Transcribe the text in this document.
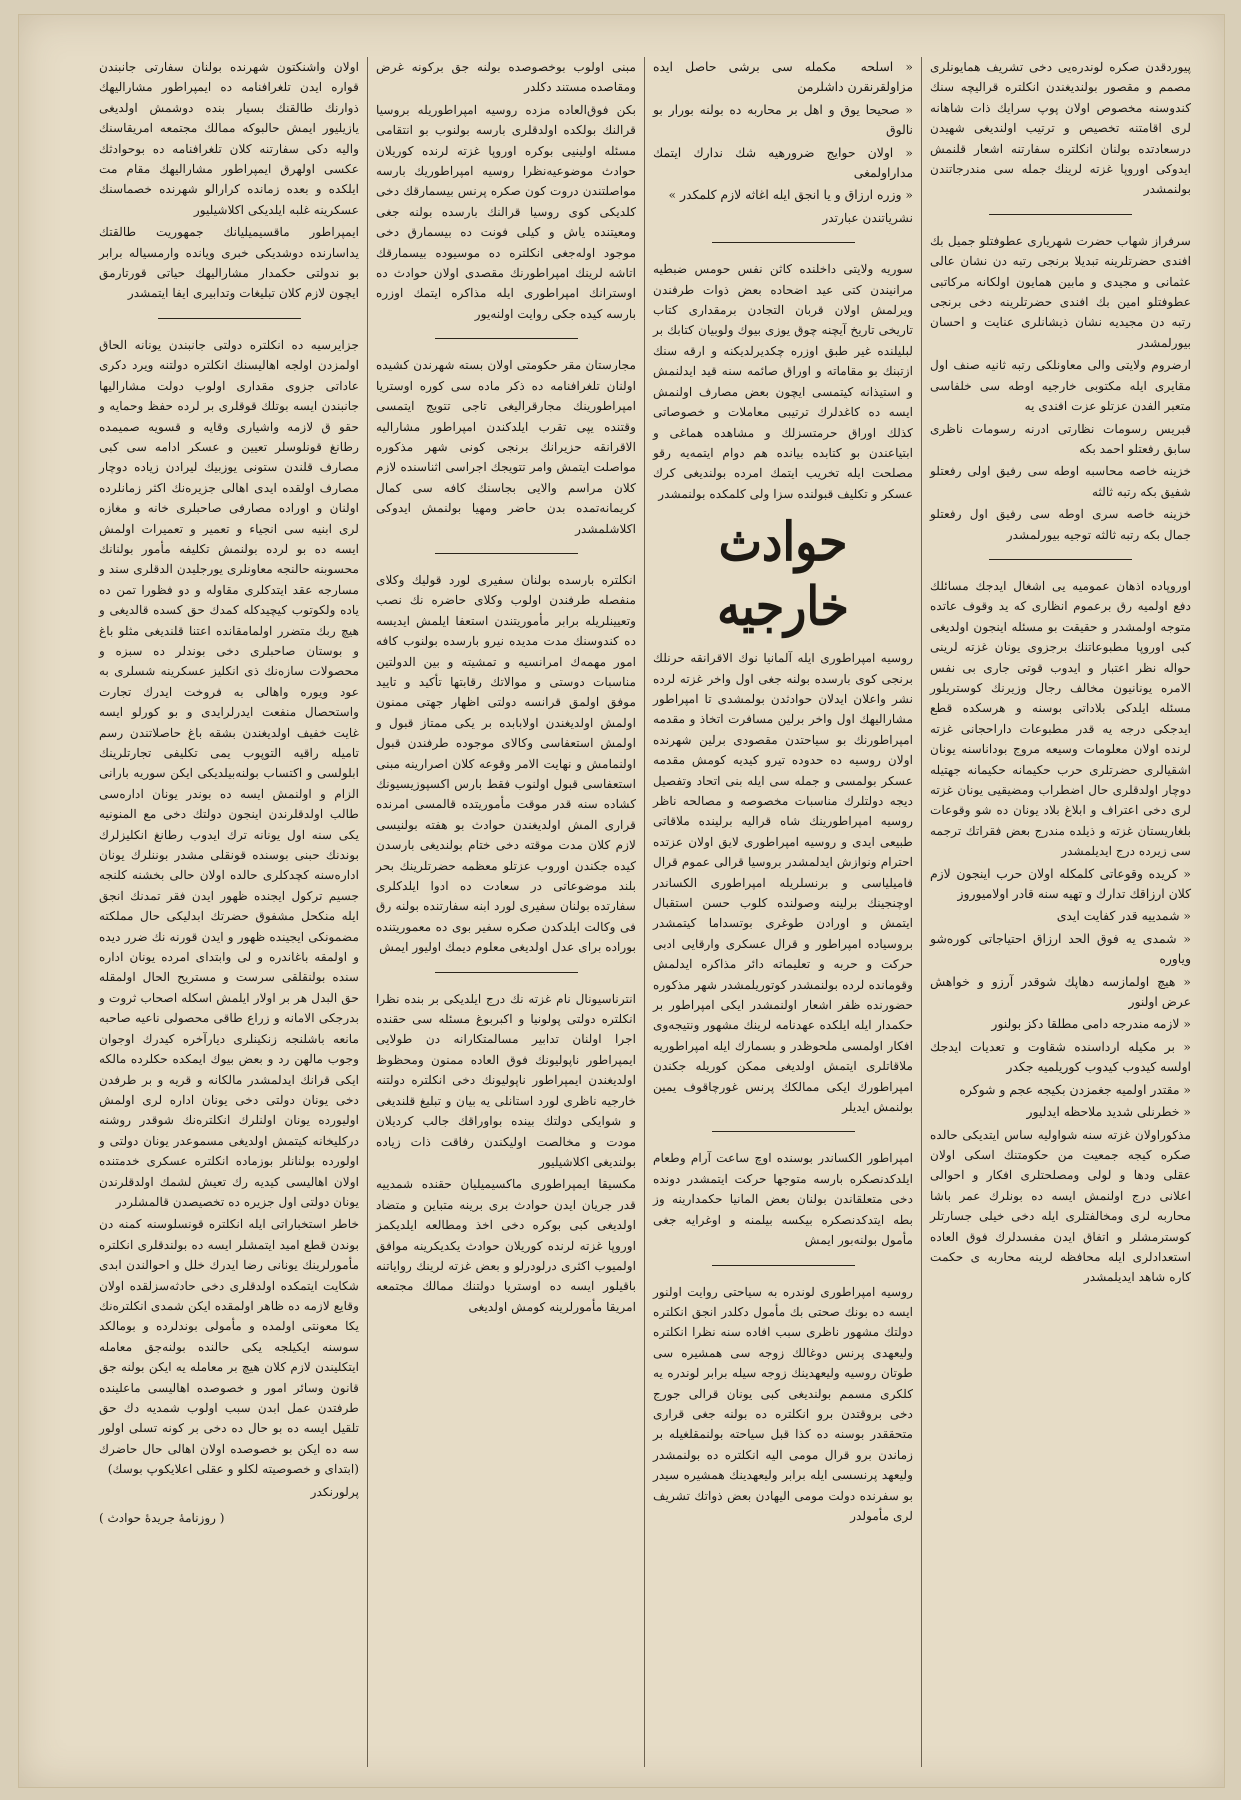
پیوردقدن صکره لوندره‌یی دخی تشریف همایونلری مصمم و مقصور بولندیغندن انکلتره قرالیچه سنك کندوسنه مخصوص اولان پوپ سرایك ذات شاهانه لری اقامتنه تخصیص و ترتیب اولندیغی شهیدن درسعادتده بولنان انکلتره سفارتنه اشعار قلنمش ایدوکی اوروپا غزته لرینك جمله سی مندرجاتندن بولنمشدر

سرفراز شهاب حضرت شهریاری عطوفتلو جمیل بك افندی حضرتلرینه تبدیلا برنجی رتبه دن نشان عالی عثمانی و مجیدی و مابین همایون اولکانه مرکاتبی عطوفتلو امین بك افندی حضرتلرینه دخی برنجی رتبه دن مجیدیه نشان ذیشانلری عنایت و احسان بیورلمشدر

ارضروم ولایتی والی معاونلکی رتبه ثانیه صنف اول مقایری ایله مکتوبی خارجیه اوطه سی خلفاسی متعبر الفدن عزتلو عزت افندی یه

قبریس رسومات نظارتی ادرنه رسومات ناظری سابق رفعتلو احمد بکه

خزینه خاصه محاسبه اوطه سی رفیق اولی رفعتلو شفیق بکه رتبه ثالثه

خزینه خاصه سری اوطه سی رفیق اول رفعتلو جمال بکه رتبه ثالثه توجیه بیورلمشدر

اوروپاده اذهان عمومیه یی اشغال ایدجك مسائلك دفع اولمیه رق برعموم انظاری که ید وقوف عاتده متوجه اولمشدر و حقیقت بو مسئله اینجون اولدیغی کبی اوروپا مطبوعاتنك برجزوی یونان غزته لرینی حواله نظر اعتبار و ایدوب قوتی جاری بی نفس الامره یونانیون مخالف رجال وزیرنك کوستریلور مسئله ایلدکی بلاداتی بوسنه و هرسکده قطع ایدجکی درجه یه قدر مطبوعات داراحجانی غزته لرنده اولان معلومات وسیعه مروج بوداناسنه یونان اشقیالری حضرتلری حرب حکیمانه حکیمانه جهتیله دوچار اولدقلری حال اضطراب ومضیقیی یونان غزته لری دخی اعتراف و ابلاغ بلاد یونان ده شو وقوعات بلغاریستان غزته و ذیلده مندرج بعض فقراتك ترجمه سی زیرده درج ایدیلمشدر

« کریده وقوعاتی کلمکله اولان حرب اینجون لازم کلان ارزاقك تدارك و تهیه سنه قادر اولامیوروز

« شمدییه قدر کفایت ایدی

« شمدی یه فوق الحد ارزاق احتیاجاتی کوره‌شو ویاوره

« هیچ اولمازسه دهاپك شوقدر آرزو و خواهش عرض اولنور

« لازمه مندرجه دامی مطلقا دکز بولنور

« بر مکیله ارداسنده شقاوت و تعدیات ایدجك اولسه کیدوب کیدوب کوریلمیه جکدر

« مقتدر اولمیه جغمزدن بکیجه عجم و شوکره

« خطرنلی شدید ملاحظه ایدلیور

مذکوراولان غزته سنه شواولیه ساس ایتدیکی حالده صکره کیجه جمعیت من حکومتنك اسکی اولان عقلی ودها و لولی ومصلحتلری افکار و احوالی اعلانی درج اولنمش ایسه ده بونلرك عمر باشا محاربه لری ومخالفتلری ایله دخی خیلی جسارتلر کوسترمشلر و اتفاق ایدن مفسدلرك فوق العاده استعدادلری ایله محافظه لرینه محاربه ی حکمت کاره شاهد ایدیلمشدر

« اسلحه ‌ مکمله سی برشی حاصل ایده مزاولقرنقرن داشلرمن

« صحیحا یوق و اهل بر محاربه ده بولنه بورار بو نالوق

« اولان حوایج ضرورهیه شك ندارك ایتمك مداراولمغی

« وزره ارزاق و یا انجق ایله اغاثه لازم کلمکدر »

نشریاتندن عبارتدر

سوریه ولایتی داخلنده کاثن نفس حومس ضبطیه مرانیندن کتی عید اضحاده بعض ذوات طرفندن ویرلمش اولان قربان التجادن برمقداری کتاب تاریخی تاریخ آیچنه چوق یوزی بیوك ولوبیان کتابك بر لبلیلنده غیر طبق اوزره چکدیرلدیکنه و ارقه سنك ازتبنك بو مقاماته و اوراق صائمه سنه قید ایدلنمش و استیذانه کیتمسی ایچون بعض مصارف اولنمش ایسه ده کاغدلرك ترتیبی معاملات و خصوصاتی کذلك اوراق حرمتسزلك و مشاهده هماغی و ابتیاعندن بو کتابده بیانده هم دوام ایتمه‌یه رقو مصلحت ایله تخریب ایتمك امرده بولندیغی کرك عسکر و تکلیف قبولنده سزا ولی کلمکده بولنمشدر

حوادث خارجیه

روسیه امپراطوری ایله آلمانیا نوك الاقرانقه حرنلك برنجی کوی بارسده بولنه جغی اول واخر غزته لرده نشر واعلان ایدلان حوادثدن بولمشدی تا امپراطور مشارالیهك اول واخر برلین مسافرت اتخاذ و مقدمه امپراطورنك بو سیاحتدن مقصودی برلین شهرنده اولان روسیه ده حدوده تیرو کیدیه کومش مقدمه عسکر بولمسی و جمله سی ایله بنی اتحاد وتفصیل دیجه دولتلرك مناسبات مخصوصه و مصالحه ناظر روسیه امپراطورینك شاه قرالیه برلینده ملاقاتی طبیعی ایدی و روسیه امپراطوری لایق اولان عزتده احترام ونوازش ایدلمشدر بروسیا قرالی عموم قرال فامیلیاسی و برنسلریله امپراطوری الکساندر اوچنجینك برلینه وصولنده کلوب حسن استقبال ایتمش و اورادن طوغری بوتسداما کیتمشدر بروسیاده امپراطور و قرال عسکری وارقایی ادبی حرکت و حربه و تعلیماته دائر مذاکره ایدلمش وقومانده لرده بولنمشدر کوتوریلمشدر شهر مذکوره حضورنده ظفر اشعار اولنمشدر ایکی امپراطور بر حکمدار ایله ایلکده عهدنامه لرینك مشهور ونتیجه‌وی افکار اولمسی ملحوظدر و بسمارك ایله امپراطوریه ملاقاتلری ایتمش اولدیغی ممکن کوریله جکندن امپراطورك ایکی ممالکك پرنس غورچاقوف یمین بولنمش ایدیلر

امپراطور الکساندر بوسنده اوچ ساعت آرام وطعام ایلدکدنصکره بارسه متوجها حرکت ایتمشدر دونده دخی متعلقاندن بولنان بعض المانیا حکمدارینه وز بطه ایتدکدنصکره بیکسه بیلمنه و اوغرایه جغی مأمول بولنه‌بور ایمش

روسیه امپراطوری لوندره به سیاحتی روایت اولنور ایسه ده بونك صحتی بك مأمول دکلدر انجق انکلتره دولتك مشهور ناظری سبب افاده سنه نظرا انکلتره ولیعهدی پرنس دوغالك زوجه سی همشیره سی طوتان روسیه ولیعهدینك زوجه سیله برابر لوندره یه کلکری مسمم بولندیغی کبی یونان قرالی جورج دخی بروقتدن برو انکلتره ده بولنه جغی قراری متحققدر بوسنه ده کذا قبل سیاحته بولنمقلغیله بر زماندن برو قرال مومی الیه انکلتره ده بولنمشدر ولیعهد پرنسسی ایله برابر ولیعهدینك همشیره سیدر بو سفرنده دولت مومی الیهادن بعض ذواتك تشریف لری مأمولدر

مبنی اولوب بوخصوصده بولنه جق برکونه غرض ومقاصده مستند دکلدر

بکن فوق‌العاده مزده روسیه امپراطوریله بروسیا قرالنك بولکده اولدقلری بارسه بولنوب بو انتقامی مسئله اولینیی بوکره اوروپا غزته لرنده کوریلان حوادث موضوعیه‌نظرا روسیه امپراطوریك بارسه مواصلتندن دروت کون صکره پرنس بیسمارقك دخی کلدیکی کوی روسیا قرالنك بارسده بولنه جغی ومعیتنده یاش و کیلی فونت ده بیسمارق دخی موجود اوله‌جغی انکلتره ده موسیوده بیسمارقك اتاشه لرینك امپراطورنك مقصدی اولان حوادث ده اوسترانك امپراطوری ایله مذاکره ایتمك اوزره بارسه کیده جکی روایت اولنه‌یور

مجارستان مقر حکومتی اولان بسته شهرندن کشیده اولنان تلغرافنامه ده ذکر ماده سی کوره اوستریا امپراطورینك مجارقرالیغی تاجی تتویج ایتمسی وقتنده یپی تقرب ایلدکندن امپراطور مشارالیه الاقرانقه حزیرانك برنجی کونی شهر مذکوره مواصلت ایتمش وامر تتویجك اجراسی اثناسنده لازم کلان مراسم والایی بجاسنك کافه سی کمال کریمانه‌تمده بدن حاضر ومهیا بولنمش ایدوکی اکلاشلمشدر

انکلتره بارسده بولنان سفیری لورد قولیك وکلای منفصله طرفندن اولوب وکلای حاضره نك نصب وتعیینلریله برابر مأموریتندن استعفا ایلمش ایدیسه ده کندوسنك مدت مدیده نیرو بارسده بولنوب کافه امور مهمه‌ك امرانسیه و تمشیته و بین الدولتین مناسبات دوستی و موالاتك رقابتها تأکید و تایید موفق اولمق قرانسه دولتی اظهار جهتی ممنون اولمش اولدیغندن اولابابده بر یکی ممتاز قبول و اولمش استعفاسی وکالای موجوده طرفندن قبول اولنمامش و نهایت الامر وقوعه کلان اصرارینه مبنی استعفاسی قبول اولنوب فقط بارس اکسپوزیسیونك کشاده سنه قدر موقت مأموریتده قالمسی امرنده قراری المش اولدیغندن حوادث بو هفته بولنیسی لازم کلان مدت موقته دخی ختام بولندیغی بارسدن کیده جکندن اوروب عزتلو معظمه حضرتلرینك بحر بلند موضوعاتی در سعادت ده ادوا ایلدکلری سفارتده بولنان سفیری لورد ابنه سفارتنده بولنه رق فی وکالت ایلدکدن صکره سفیر بوی ده معموریتنده بوراده برای عدل اولدیغی معلوم دیمك اولیور ایمش

انترناسیونال نام غزته نك درج ایلدیکی بر بنده نظرا انکلتره دولتی پولونیا و اکبربوغ مسئله سی حقنده اجرا اولنان تدابیر مسالمتکارانه دن طولایی ایمپراطور ناپولیونك فوق العاده ممنون ومحظوظ اولدیغندن ایمپراطور ناپولیونك دخی انکلتره دولتنه خارجیه ناظری لورد استانلی یه بیان و تبلیغ قلندیغی و شوایکی دولتك بینده بواوراقك جالب کردیلان مودت و مخالصت اولیکندن رفاقت ذات زیاده بولندیغی اکلاشیلیور

مکسیقا ایمپراطوری ماکسیمیلیان حقنده شمدییه قدر جریان ایدن حوادث بری برینه متباین و متضاد اولدیغی کبی بوکره دخی اخذ ومطالعه ایلدیکمز اوروپا غزته لرنده کوریلان حوادث یکدیکرینه موافق اولمیوب اکثری درلودرلو و بعض غزته لرینك روایاتنه باقیلور ایسه ده اوستریا دولتنك ممالك مجتمعه امریقا مأمورلرینه کومش اولدیغی

اولان واشنکتون شهرنده بولنان سفارتی جانبندن قواره ایدن تلغرافنامه ده ایمپراطور مشارالیهك ذوارنك طالقنك بسیار بنده دوشمش اولدیغی یازیلیور ایمش حالبوکه ممالك مجتمعه امریقاسنك والیه دکی سفارتنه کلان تلغرافنامه ده بوحوادثك عکسی اولهرق ایمپراطور مشارالیهك مقام مت ایلکده و بعده زمانده کرارالو شهرنده خصماسنك عسکرینه غلبه ایلدیکی اکلاشیلیور

ایمپراطور ماقسیمیلیانك جمهوریت طالقتك یداسارنده دوشدیکی خبری ویانده وارمسیاله برابر بو ندولتی حکمدار مشارالیهك حیاتی قورتارمق ایچون لازم کلان تبلیغات وتدابیری ایفا ایتمشدر

جزایرسیه ده انکلتره دولتی جانبندن یونانه الحاق اولمزدن اولجه اهالیسنك انکلتره دولتنه ویرد دکری عاداتی جزوی مقداری اولوب دولت مشارالیها جانبندن ایسه بوتلك قوقلری بر لرده حفظ وحمایه و حقو ق لازمه واشیاری وقایه و قسویه صمیمده رطانغ قونلوسلر تعیین و عسکر ادامه سی کبی مصارف قلندن ستونی یوزبیك لیرادن زیاده دوچار مصارف اولقده ایدی اهالی جزیره‌نك اکثر زمانلرده اولنان و اوراده مصارفی صاحبلری خانه و مغازه لری ابنیه سی انجیاء و تعمیر و تعمیرات اولمش ایسه ده بو لرده بولنمش تکلیفه مأمور بولنانك محسوبنه حالنجه معاونلری یورجلیدن الدقلری سند و مسارجه عقد ایتدکلری مقاوله و دو فظورا تمن ده یاده ولکوتوب کیچیدکله کمدك حق کسده قالدیغی و هیچ ربك متضرر اولمامقانده اعتنا قلندیغی مثلو باغ و بوستان صاحبلری دخی بوندلر ده سبزه و محصولات سازه‌نك ذی انکلیز عسکرینه شسلری به عود ویوره واهالی به فروخت ایدرك تجارت واستحصال منفعت ایدرلرایدی و بو کورلو ایسه غایت خفیف اولدیغندن بشقه باغ حاصلاتندن رسم تامیله راقیه التوپوب یمی تکلیفی تجارتلرینك ابلولسی و اکتساب بولنه‌بیلدیکی ایکن سوریه بارانی الزام و اولنمش ایسه ده بوندر یونان اداره‌سی طالب اولدقلرندن اینجون دولتك دخی مع المنونیه یکی سنه اول یونانه ترك ایدوب رطانغ انکلیزلرك بوندنك حبنی بوسنده قونقلی مشدر بوننلرك یونان اداره‌سنه کچدکلری حالده اولان حالی بخشنه کلنجه جسیم ترکول ایجنده ظهور ایدن فقر تمدنك انجق ایله منكحل مشفوق حضرتك ابدلیکی حال مملکته مضمونكی ایجینده ظهور و ایدن قورنه نك ضرر دیده و اولمقه باغاندره و لی وابتدای امرده یونان اداره‌ سنده بولنقلقی سرست و مستریح الحال اولمقله حق البدل هر بر اولار ایلمش اسکله اصحاب ثروت و بدرجکی الامانه و زراع طاقی محصولی ناعیه صاحبه مانعه باشلنجه زنکینلری دیارآخره کیدرك اوجوان وجوب مالهن رد و بعض بیوك ایمکده حكلرده مالکه ایکی قرانك ایدلمشدر مالکانه و قریه و بر طرفدن دخی یونان دولتی دخی یونان اداره لری اولمش اولیورده یونان اولنلرك انکلتره‌نك شوقدر روشنه درکلیخانه کیتمش اولدیغی مسموعدر یونان دولتی و اولورده بولنانلر بوزماده انکلتره عسکری خدمتنده اولان اهالیسی کیدیه رك تعیش لشمك اولدقلرندن یونان دولتی اول جزیره ده تخصیصدن قالمشلردر

خاطر استخباراتی ایله انکلتره قونسلوسنه کمنه دن بوندن قطع امید ایتمشلر ایسه ده بولندقلری انکلتره مأمورلرینك یونانی رضا ایدرك خلل و احوالندن ابدی شکایت ایتمکده اولدقلری دخی حادثه‌سزلقده اولان وقایع لازمه ده ظاهر اولمقده ایکن شمدی انکلتره‌نك یکا معونتی اولمده و مأمولی بوندلرده و بومالکد سوسنه ایکیلجه یكی حالنده بولنه‌جق معامله ایتکلیندن لازم کلان هیچ بر معامله یه ایکن بولنه جق قانون وسائر امور و خصوصده اهالیسی ماعلینده طرفتدن عمل ابدن سبب اولوب شمدیه دك حق تلقیل ایسه ده بو حال ده دخی بر کونه تسلی اولور سه ده ایکن بو خصوصده اولان اهالی حال حاضرك (ابتدای و خصوصیته لکلو و عقلی اعلایکوپ بوسك)

پرلورنکدر

( روزنامهٔ جریدهٔ حوادث )
